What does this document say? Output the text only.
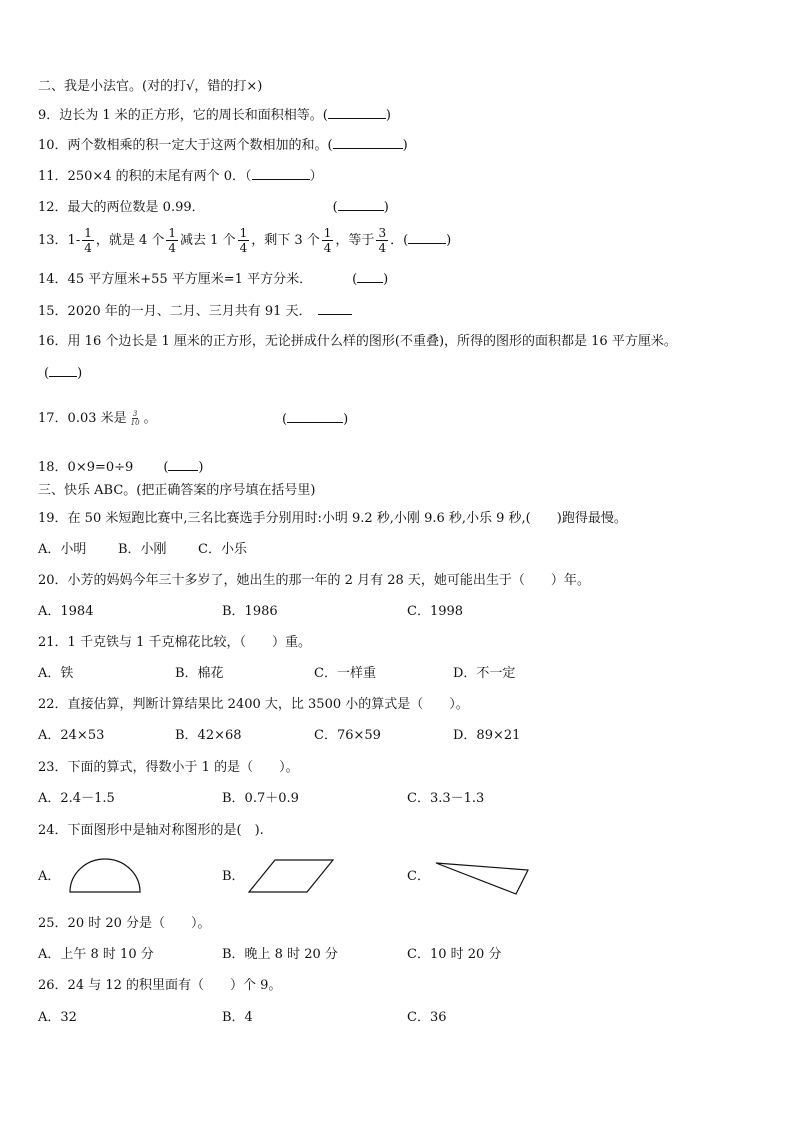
二、我是小法官。(对的打√，错的打×)
9．边长为 1 米的正方形，它的周长和面积相等。(	)
10．两个数相乘的积一定大于这两个数相加的和。(	)
11．250×4 的积的末尾有两个 0．（	）
12．最大的两位数是 0.99．	(	)
13．$1- \frac{1}{4}$ ，就是 4 个 $\frac{1}{4}$ 减去 1 个 $\frac{1}{4}$ ，剩下 3 个 $\frac{1}{4}$ ，等于 $\frac{3}{4}$ ．(	)
14．45 平方厘米+55 平方厘米=1 平方分米．	( )
15．2020 年的一月、二月、三月共有 91 天．
16．用 16 个边长是 1 厘米的正方形，无论拼成什么样的图形(不重叠)，所得的图形的面积都是 16 平方厘米。
( )
17．0.03 米是 $\frac{3}{10}$ 。	(	)
18．0×9=0÷9 ( )
三、快乐 ABC。(把正确答案的序号填在括号里)
19．在 50 米短跑比赛中,三名比赛选手分别用时:小明 9.2 秒,小刚 9.6 秒,小乐 9 秒,(　　)跑得最慢。
A．小明 B．小刚 C．小乐
20．小芳的妈妈今年三十多岁了，她出生的那一年的 2 月有 28 天，她可能出生于（　　）年。
A．1984	B．1986	C．1998
21．1 千克铁与 1 千克棉花比较，（　　）重。
A．铁	B．棉花	C．一样重	D．不一定
22．直接估算，判断计算结果比 2400 大，比 3500 小的算式是（　　）。
A．24×53	B．42×68	C．76×59	D．89×21
23．下面的算式，得数小于 1 的是（　　）。
A．2.4－1.5	B．0.7＋0.9	C．3.3－1.3
24．下面图形中是轴对称图形的是(　).
A．	B．	C．
25．20 时 20 分是（　　）。
A．上午 8 时 10 分	B．晚上 8 时 20 分	C．10 时 20 分
26．24 与 12 的积里面有（　　）个 9。
A．32	B．4	C．36
